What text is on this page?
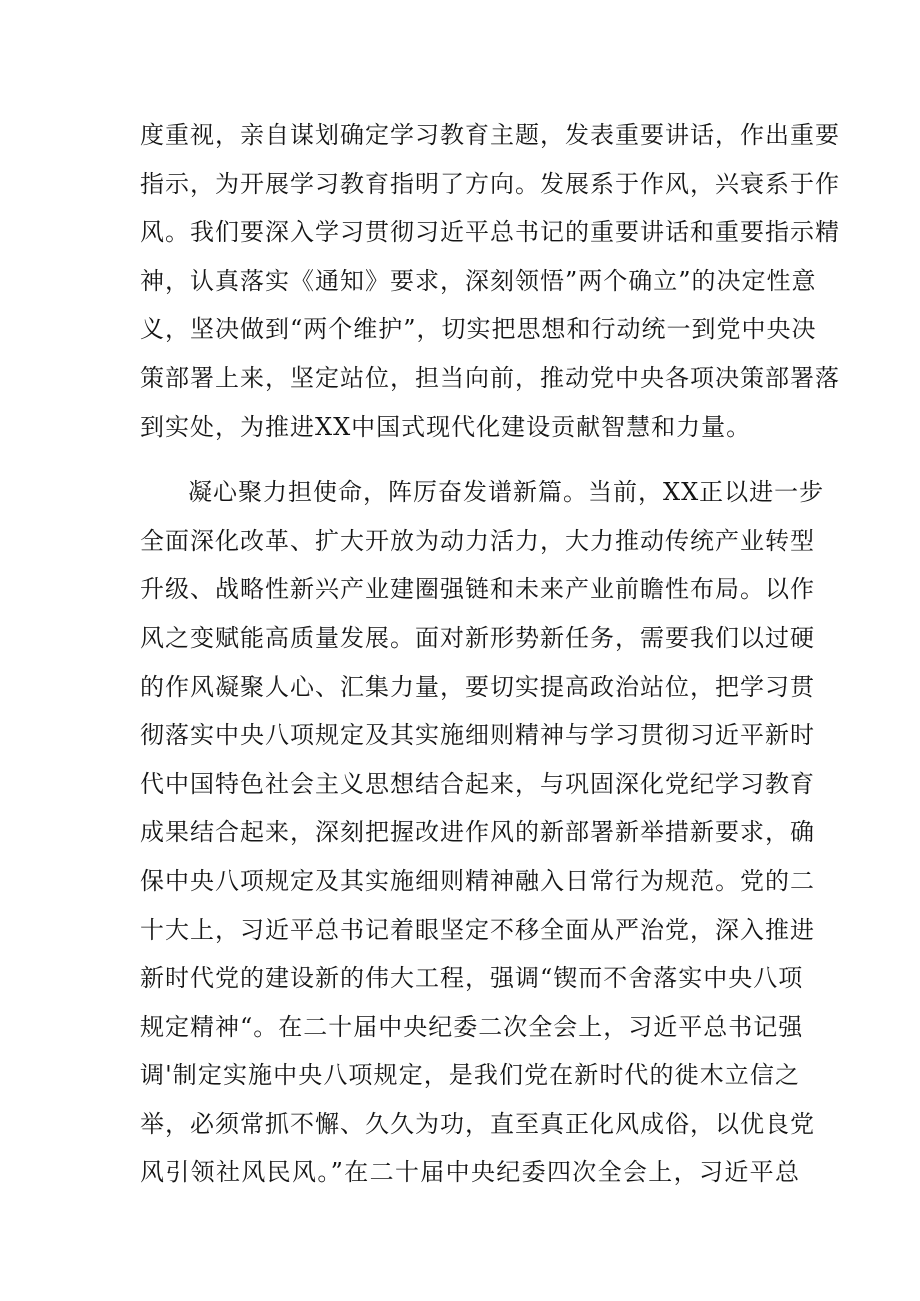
度重视，亲自谋划确定学习教育主题，发表重要讲话，作出重要
指示，为开展学习教育指明了方向。发展系于作风，兴衰系于作
风。我们要深入学习贯彻习近平总书记的重要讲话和重要指示精
神，认真落实《通知》要求，深刻领悟”两个确立”的决定性意
义，坚决做到“两个维护”，切实把思想和行动统一到党中央决
策部署上来，坚定站位，担当向前，推动党中央各项决策部署落
到实处，为推进XX中国式现代化建设贡献智慧和力量。
凝心聚力担使命，阵厉奋发谱新篇。当前，XX正以进一步
全面深化改革、扩大开放为动力活力，大力推动传统产业转型
升级、战略性新兴产业建圈强链和未来产业前瞻性布局。以作
风之变赋能高质量发展。面对新形势新任务，需要我们以过硬
的作风凝聚人心、汇集力量，要切实提高政治站位，把学习贯
彻落实中央八项规定及其实施细则精神与学习贯彻习近平新时
代中国特色社会主义思想结合起来，与巩固深化党纪学习教育
成果结合起来，深刻把握改进作风的新部署新举措新要求，确
保中央八项规定及其实施细则精神融入日常行为规范。党的二
十大上，习近平总书记着眼坚定不移全面从严治党，深入推进
新时代党的建设新的伟大工程，强调“锲而不舍落实中央八项
规定精神“。在二十届中央纪委二次全会上，习近平总书记强
调'制定实施中央八项规定，是我们党在新时代的徙木立信之
举，必须常抓不懈、久久为功，直至真正化风成俗，以优良党
风引领社风民风。”在二十届中央纪委四次全会上，习近平总
